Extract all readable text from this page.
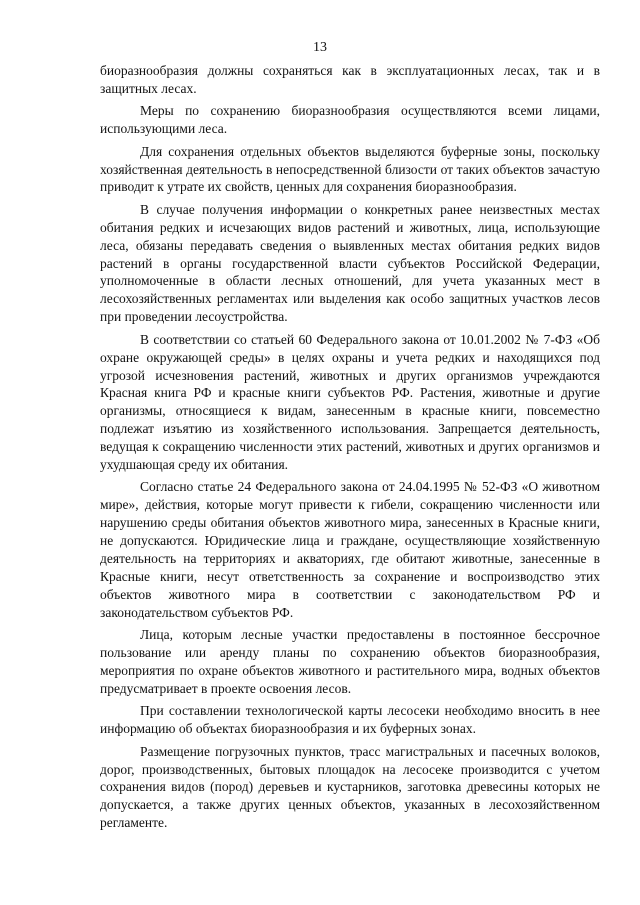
13

биоразнообразия должны сохраняться как в эксплуатационных лесах, так и в защитных лесах.

Меры по сохранению биоразнообразия осуществляются всеми лицами, использующими леса.

Для сохранения отдельных объектов выделяются буферные зоны, поскольку хозяйственная деятельность в непосредственной близости от таких объектов зачастую приводит к утрате их свойств, ценных для сохранения биоразнообразия.

В случае получения информации о конкретных ранее неизвестных местах обитания редких и исчезающих видов растений и животных, лица, использующие леса, обязаны передавать сведения о выявленных местах обитания редких видов растений в органы государственной власти субъектов Российской Федерации, уполномоченные в области лесных отношений, для учета указанных мест в лесохозяйственных регламентах или выделения как особо защитных участков лесов при проведении лесоустройства.

В соответствии со статьей 60 Федерального закона от 10.01.2002 № 7-ФЗ «Об охране окружающей среды» в целях охраны и учета редких и находящихся под угрозой исчезновения растений, животных и других организмов учреждаются Красная книга РФ и красные книги субъектов РФ. Растения, животные и другие организмы, относящиеся к видам, занесенным в красные книги, повсеместно подлежат изъятию из хозяйственного использования. Запрещается деятельность, ведущая к сокращению численности этих растений, животных и других организмов и ухудшающая среду их обитания.

Согласно статье 24 Федерального закона от 24.04.1995 № 52-ФЗ «О животном мире», действия, которые могут привести к гибели, сокращению численности или нарушению среды обитания объектов животного мира, занесенных в Красные книги, не допускаются. Юридические лица и граждане, осуществляющие хозяйственную деятельность на территориях и акваториях, где обитают животные, занесенные в Красные книги, несут ответственность за сохранение и воспроизводство этих объектов животного мира в соответствии с законодательством РФ и законодательством субъектов РФ.

Лица, которым лесные участки предоставлены в постоянное бессрочное пользование или аренду планы по сохранению объектов биоразнообразия, мероприятия по охране объектов животного и растительного мира, водных объектов предусматривает в проекте освоения лесов.

При составлении технологической карты лесосеки необходимо вносить в нее информацию об объектах биоразнообразия и их буферных зонах.

Размещение погрузочных пунктов, трасс магистральных и пасечных волоков, дорог, производственных, бытовых площадок на лесосеке производится с учетом сохранения видов (пород) деревьев и кустарников, заготовка древесины которых не допускается, а также других ценных объектов, указанных в лесохозяйственном регламенте.
